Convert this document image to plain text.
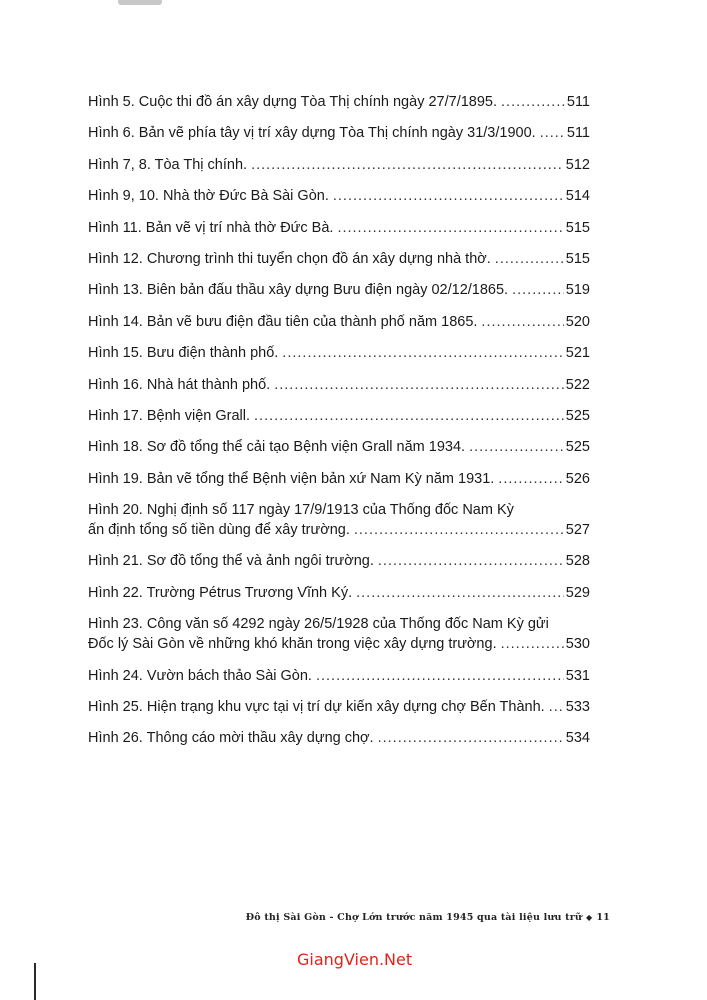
Hình 5. Cuộc thi đồ án xây dựng Tòa Thị chính ngày 27/7/1895. .....	511
Hình 6. Bản vẽ phía tây vị trí xây dựng Tòa Thị chính ngày 31/3/1900. ..... 511
Hình 7, 8. Tòa Thị chính. .....	512
Hình 9, 10. Nhà thờ Đức Bà Sài Gòn. .....	514
Hình 11. Bản vẽ vị trí nhà thờ Đức Bà. .....	515
Hình 12. Chương trình thi tuyển chọn đồ án xây dựng nhà thờ. .....	515
Hình 13. Biên bản đấu thầu xây dựng Bưu điện ngày 02/12/1865. .....	519
Hình 14. Bản vẽ bưu điện đầu tiên của thành phố năm 1865. .....	520
Hình 15. Bưu điện thành phố. .....	521
Hình 16. Nhà hát thành phố. .....	522
Hình 17. Bệnh viện Grall. .....	525
Hình 18. Sơ đồ tổng thể cải tạo Bệnh viện Grall năm 1934. .....	525
Hình 19. Bản vẽ tổng thể Bệnh viện bản xứ Nam Kỳ năm 1931. .....	526
Hình 20. Nghị định số 117 ngày 17/9/1913 của Thống đốc Nam Kỳ
ấn định tổng số tiền dùng để xây trường. .....	527
Hình 21. Sơ đồ tổng thể và ảnh ngôi trường. .....	528
Hình 22. Trường Pétrus Trương Vĩnh Ký. .....	529
Hình 23. Công văn số 4292 ngày 26/5/1928 của Thống đốc Nam Kỳ gửi
Đốc lý Sài Gòn về những khó khăn trong việc xây dựng trường. .....	530
Hình 24. Vườn bách thảo Sài Gòn. .....	531
Hình 25. Hiện trạng khu vực tại vị trí dự kiến xây dựng chợ Bến Thành. ..... 533
Hình 26. Thông cáo mời thầu xây dựng chợ. .....	534
Đô thị Sài Gòn - Chợ Lớn trước năm 1945 qua tài liệu lưu trữ ◆ 11
GiangVien.Net
